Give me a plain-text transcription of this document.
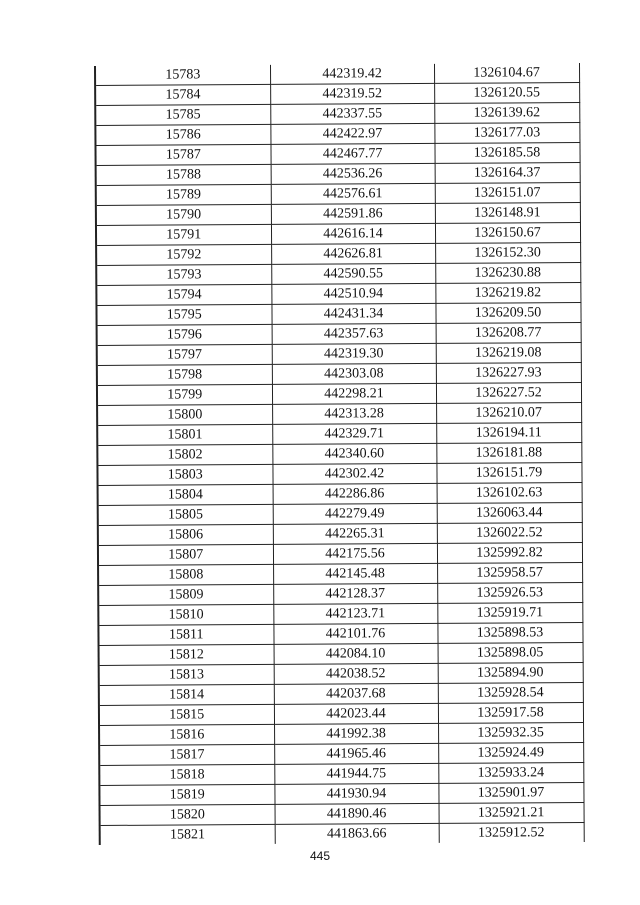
15783	442319.42	1326104.67
15784	442319.52	1326120.55
15785	442337.55	1326139.62
15786	442422.97	1326177.03
15787	442467.77	1326185.58
15788	442536.26	1326164.37
15789	442576.61	1326151.07
15790	442591.86	1326148.91
15791	442616.14	1326150.67
15792	442626.81	1326152.30
15793	442590.55	1326230.88
15794	442510.94	1326219.82
15795	442431.34	1326209.50
15796	442357.63	1326208.77
15797	442319.30	1326219.08
15798	442303.08	1326227.93
15799	442298.21	1326227.52
15800	442313.28	1326210.07
15801	442329.71	1326194.11
15802	442340.60	1326181.88
15803	442302.42	1326151.79
15804	442286.86	1326102.63
15805	442279.49	1326063.44
15806	442265.31	1326022.52
15807	442175.56	1325992.82
15808	442145.48	1325958.57
15809	442128.37	1325926.53
15810	442123.71	1325919.71
15811	442101.76	1325898.53
15812	442084.10	1325898.05
15813	442038.52	1325894.90
15814	442037.68	1325928.54
15815	442023.44	1325917.58
15816	441992.38	1325932.35
15817	441965.46	1325924.49
15818	441944.75	1325933.24
15819	441930.94	1325901.97
15820	441890.46	1325921.21
15821	441863.66	1325912.52
445
